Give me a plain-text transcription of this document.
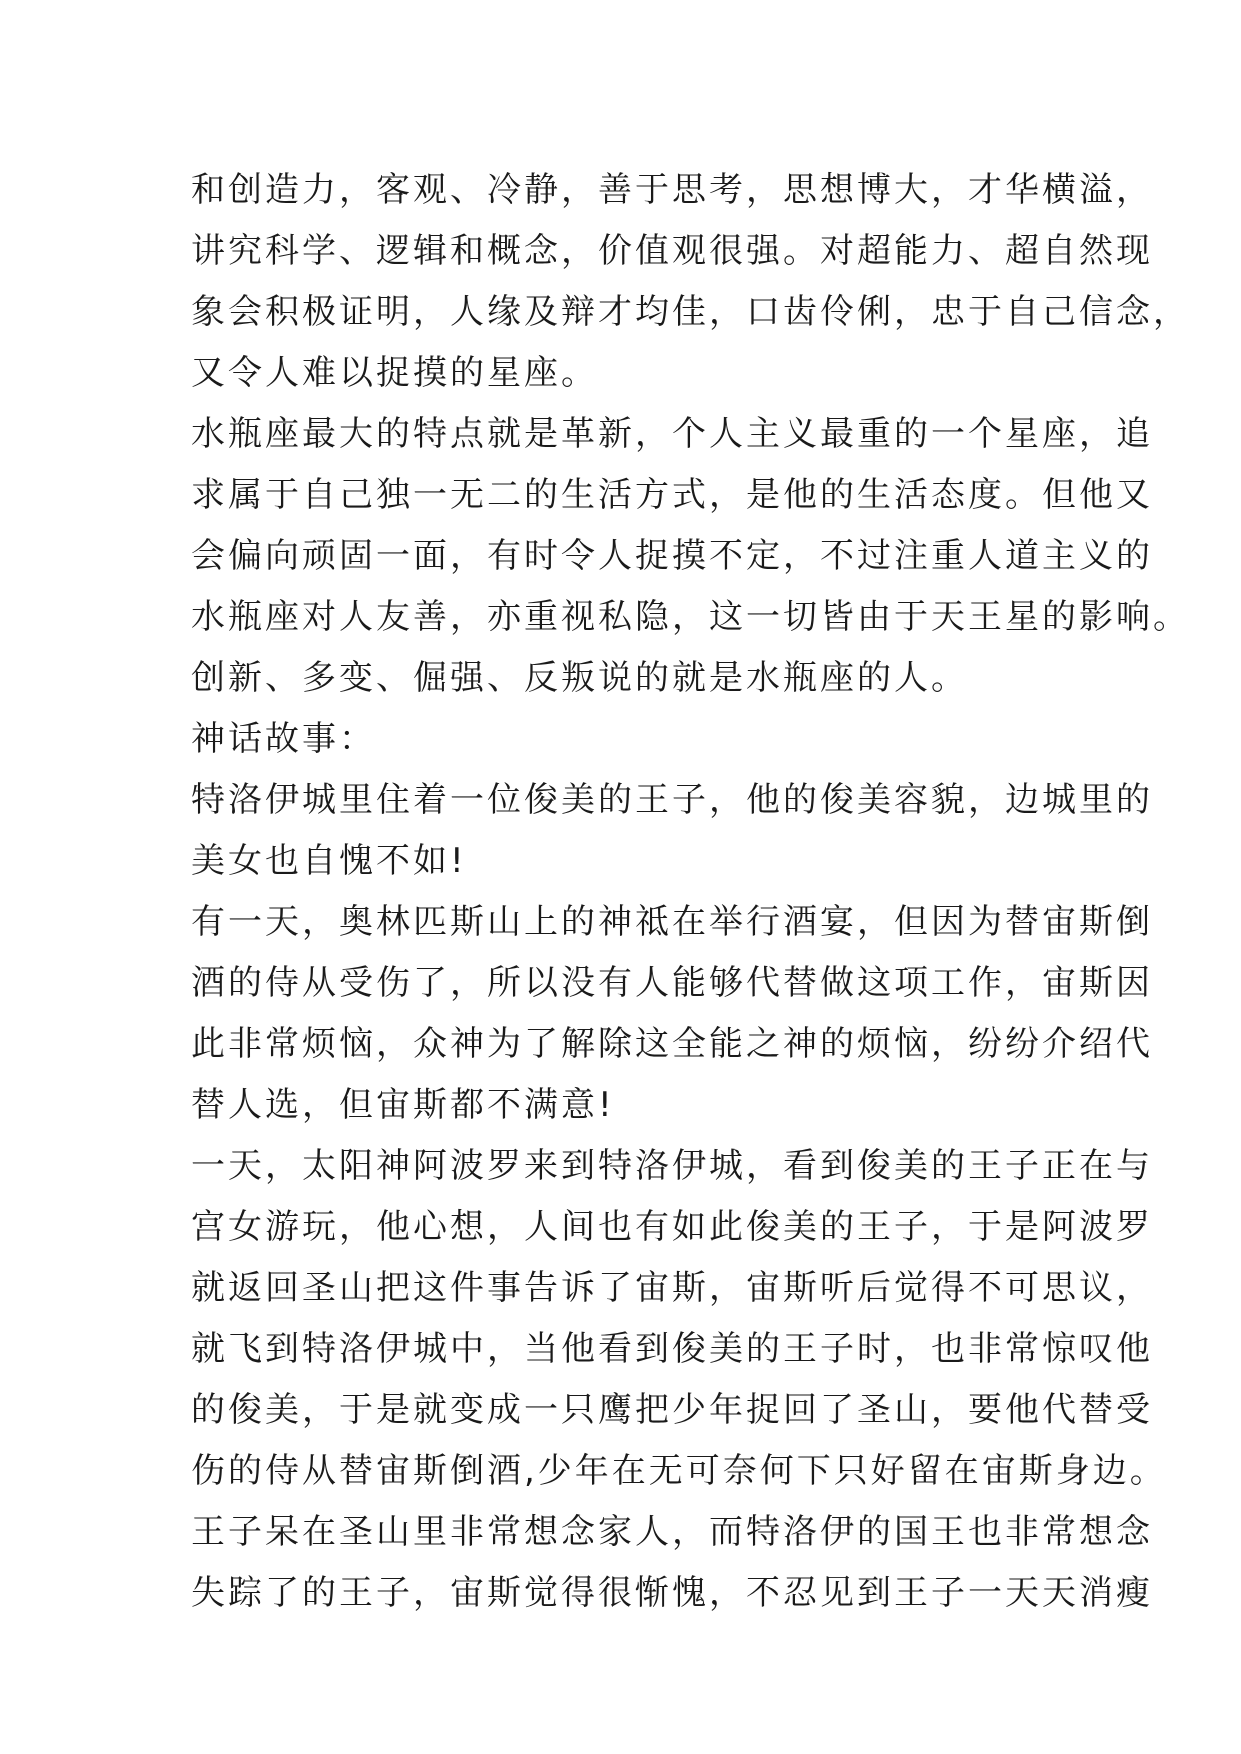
和创造力，客观、冷静，善于思考，思想博大，才华横溢，
讲究科学、逻辑和概念，价值观很强。对超能力、超自然现
象会积极证明，人缘及辩才均佳，口齿伶俐，忠于自己信念，
又令人难以捉摸的星座。
水瓶座最大的特点就是革新，个人主义最重的一个星座，追
求属于自己独一无二的生活方式，是他的生活态度。但他又
会偏向顽固一面，有时令人捉摸不定，不过注重人道主义的
水瓶座对人友善，亦重视私隐，这一切皆由于天王星的影响。
创新、多变、倔强、反叛说的就是水瓶座的人。
神话故事：
特洛伊城里住着一位俊美的王子，他的俊美容貌，边城里的
美女也自愧不如!
有一天，奥林匹斯山上的神祗在举行酒宴，但因为替宙斯倒
酒的侍从受伤了，所以没有人能够代替做这项工作，宙斯因
此非常烦恼，众神为了解除这全能之神的烦恼，纷纷介绍代
替人选，但宙斯都不满意!
一天，太阳神阿波罗来到特洛伊城，看到俊美的王子正在与
宫女游玩，他心想，人间也有如此俊美的王子，于是阿波罗
就返回圣山把这件事告诉了宙斯，宙斯听后觉得不可思议，
就飞到特洛伊城中，当他看到俊美的王子时，也非常惊叹他
的俊美，于是就变成一只鹰把少年捉回了圣山，要他代替受
伤的侍从替宙斯倒酒,少年在无可奈何下只好留在宙斯身边。
王子呆在圣山里非常想念家人，而特洛伊的国王也非常想念
失踪了的王子，宙斯觉得很惭愧，不忍见到王子一天天消瘦
